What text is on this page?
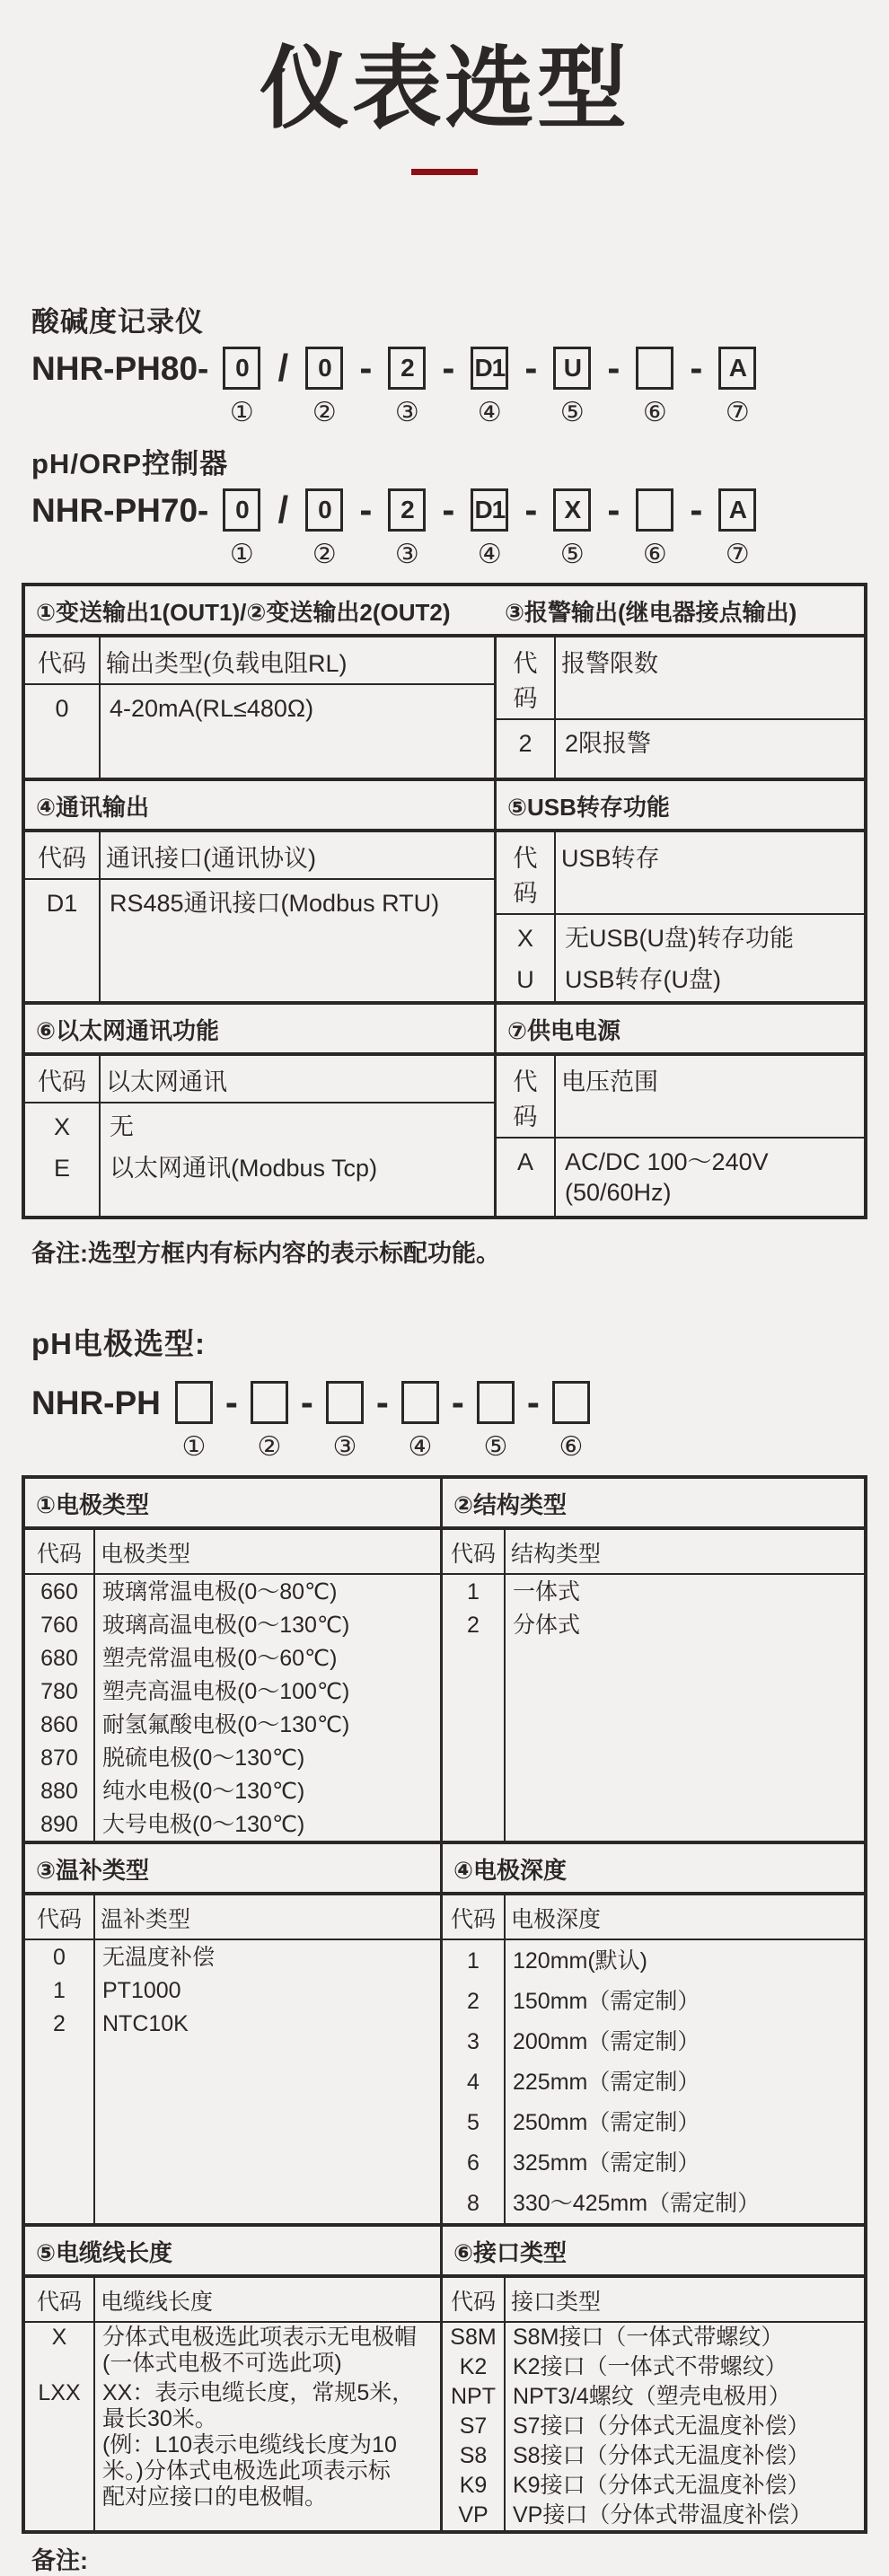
仪表选型
酸碱度记录仪
NHR-PH80-	0
①
/	0
②
-	2
③
- D1
④
-	U
⑤
-
⑥
-	A
⑦
pH/ORP控制器
NHR-PH70-	0
①
/	0
②
-	2
③
- D1
④
-	X
⑤
-
⑥
-	A
⑦
①变送输出1(OUT1)/②变送输出2(OUT2)	③报警输出(继电器接点输出)
代码 输出类型(负载电阻RL)
0	4-20mA(RL≤480Ω)
代码
报警限数
2	2限报警
④通讯输出	⑤USB转存功能
代码 通讯接口(通讯协议)
D1	RS485通讯接口(Modbus RTU)
代码
USB转存
X	无USB(U盘)转存功能
U	USB转存(U盘)
⑥以太网通讯功能	⑦供电电源
代码 以太网通讯
X	无
E	以太网通讯(Modbus Tcp)
代码
电压范围
A	AC/DC 100～240V
(50/60Hz)
备注:选型方框内有标内容的表示标配功能。
pH电极选型:
NHR-PH
①
-
②
-
③
-
④
-
⑤
-
⑥
①电极类型	②结构类型
代码 电极类型
660	玻璃常温电极(0～80℃)
760	玻璃高温电极(0～130℃)
680	塑壳常温电极(0～60℃)
780	塑壳高温电极(0～100℃)
860	耐氢氟酸电极(0～130℃)
870	脱硫电极(0～130℃)
880	纯水电极(0～130℃)
890	大号电极(0～130℃)
代码 结构类型
1	一体式
2	分体式
③温补类型	④电极深度
代码 温补类型
0	无温度补偿
1	PT1000
2	NTC10K
代码 电极深度
1	120mm(默认)
2	150mm（需定制）
3	200mm（需定制）
4	225mm（需定制）
5	250mm（需定制）
6	325mm（需定制）
8	330～425mm（需定制）
⑤电缆线长度	⑥接口类型
代码 电缆线长度
X	分体式电极选此项表示无电极帽
(一体式电极不可选此项)
LXX XX：表示电缆长度，常规5米，
最长30米。
(例：L10表示电缆线长度为10
米。)分体式电极选此项表示标
配对应接口的电极帽。
代码 接口类型
S8M S8M接口（一体式带螺纹）
K2	K2接口（一体式不带螺纹）
NPT NPT3/4螺纹（塑壳电极用）
S7	S7接口（分体式无温度补偿）
S8	S8接口（分体式无温度补偿）
K9	K9接口（分体式无温度补偿）
VP	VP接口（分体式带温度补偿）
备注:
